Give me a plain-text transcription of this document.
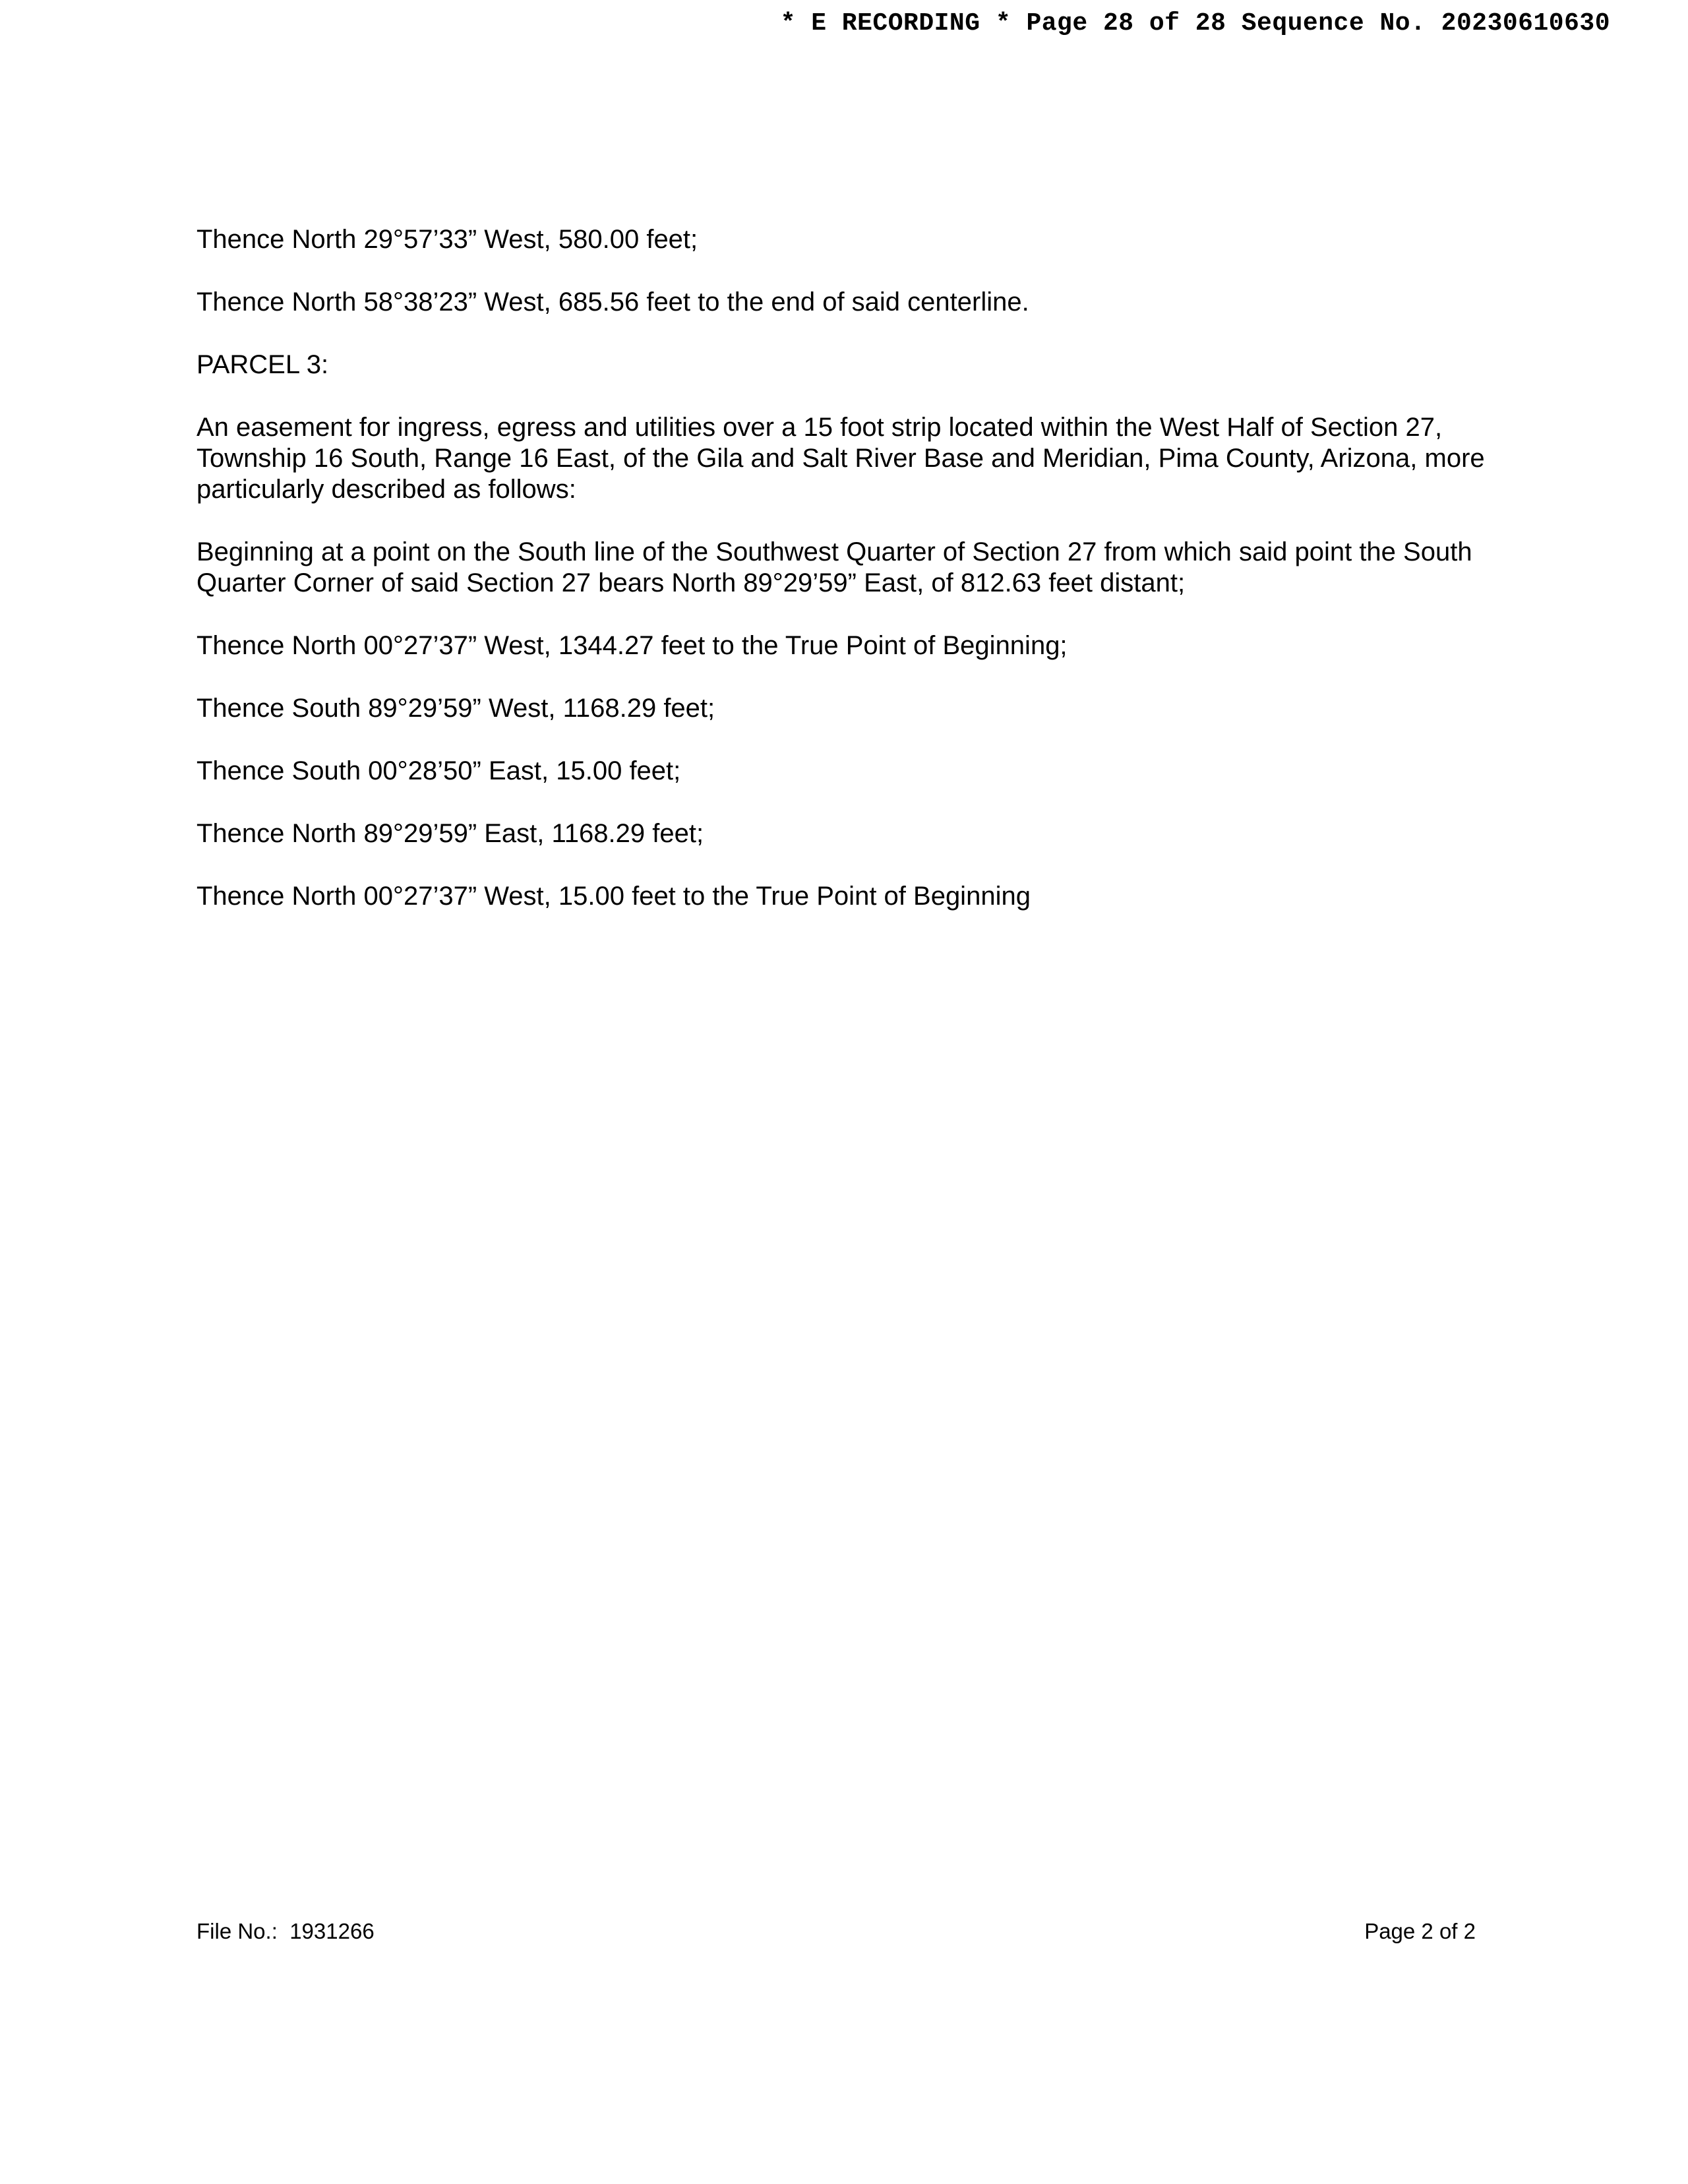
* E RECORDING * Page 28 of 28 Sequence No. 20230610630

Thence North 29°57’33” West, 580.00 feet;

Thence North 58°38’23” West, 685.56 feet to the end of said centerline.

PARCEL 3:

An easement for ingress, egress and utilities over a 15 foot strip located within the West Half of Section 27, Township 16 South, Range 16 East, of the Gila and Salt River Base and Meridian, Pima County, Arizona, more particularly described as follows:

Beginning at a point on the South line of the Southwest Quarter of Section 27 from which said point the South Quarter Corner of said Section 27 bears North 89°29’59” East, of 812.63 feet distant;

Thence North 00°27’37” West, 1344.27 feet to the True Point of Beginning;

Thence South 89°29’59” West, 1168.29 feet;

Thence South 00°28’50” East, 15.00 feet;

Thence North 89°29’59” East, 1168.29 feet;

Thence North 00°27’37” West, 15.00 feet to the True Point of Beginning

File No.:  1931266	Page 2 of 2
